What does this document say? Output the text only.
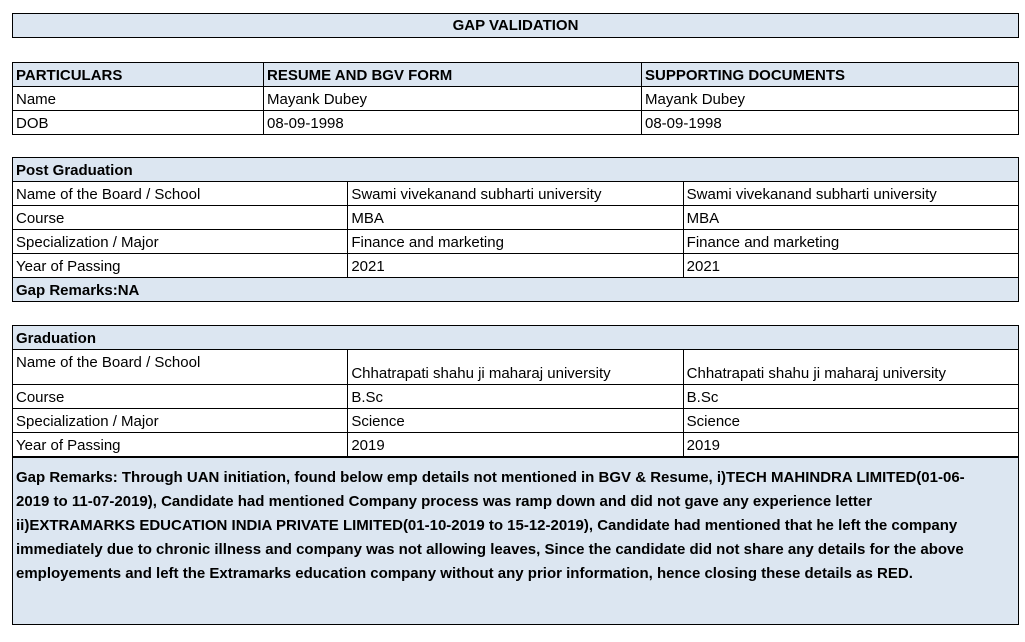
GAP VALIDATION
PARTICULARS	RESUME AND BGV FORM	SUPPORTING DOCUMENTS
Name	Mayank Dubey	Mayank Dubey
DOB	08-09-1998	08-09-1998
Post Graduation		
Name of the Board / School	Swami vivekanand subharti university	Swami vivekanand subharti university
Course	MBA	MBA
Specialization / Major	Finance and marketing	Finance and marketing
Year of Passing	2021	2021
Gap Remarks:NA		
Graduation		
Name of the Board / School	Chhatrapati shahu ji maharaj university	Chhatrapati shahu ji maharaj university
Course	B.Sc	B.Sc
Specialization / Major	Science	Science
Year of Passing	2019	2019
Gap Remarks: Through UAN initiation, found below emp details not mentioned in BGV & Resume, i)TECH MAHINDRA LIMITED(01-06-
2019 to 11-07-2019), Candidate had mentioned Company process was ramp down and did not gave any experience letter
ii)EXTRAMARKS EDUCATION INDIA PRIVATE LIMITED(01-10-2019 to 15-12-2019), Candidate had mentioned that he left the company
immediately due to chronic illness and company was not allowing leaves, Since the candidate did not share any details for the above
employements and left the Extramarks education company without any prior information, hence closing these details as RED.
